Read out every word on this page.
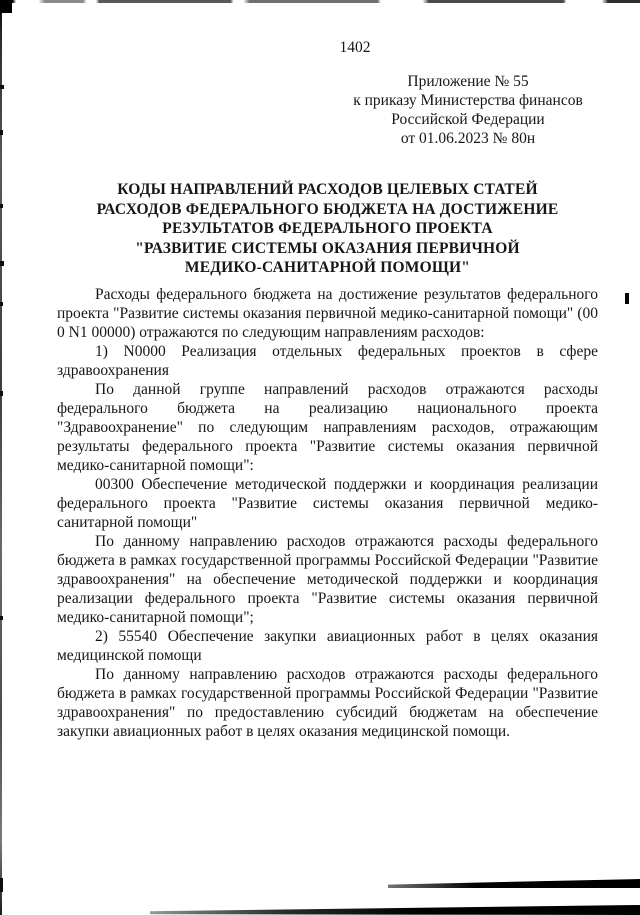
1402
Приложение № 55
к приказу Министерства финансов
Российской Федерации
от 01.06.2023 № 80н
КОДЫ НАПРАВЛЕНИЙ РАСХОДОВ ЦЕЛЕВЫХ СТАТЕЙ
РАСХОДОВ ФЕДЕРАЛЬНОГО БЮДЖЕТА НА ДОСТИЖЕНИЕ
РЕЗУЛЬТАТОВ ФЕДЕРАЛЬНОГО ПРОЕКТА
"РАЗВИТИЕ СИСТЕМЫ ОКАЗАНИЯ ПЕРВИЧНОЙ
МЕДИКО-САНИТАРНОЙ ПОМОЩИ"

Расходы федерального бюджета на достижение результатов федерального проекта "Развитие системы оказания первичной медико-санитарной помощи" (00 0 N1 00000) отражаются по следующим направлениям расходов:

1) N0000 Реализация отдельных федеральных проектов в сфере здравоохранения

По данной группе направлений расходов отражаются расходы федерального бюджета на реализацию национального проекта "Здравоохранение" по следующим направлениям расходов, отражающим результаты федерального проекта "Развитие системы оказания первичной медико-санитарной помощи":

00300 Обеспечение методической поддержки и координация реализации федерального проекта "Развитие системы оказания первичной медико-санитарной помощи"

По данному направлению расходов отражаются расходы федерального бюджета в рамках государственной программы Российской Федерации "Развитие здравоохранения" на обеспечение методической поддержки и координация реализации федерального проекта "Развитие системы оказания первичной медико-санитарной помощи";

2) 55540 Обеспечение закупки авиационных работ в целях оказания медицинской помощи

По данному направлению расходов отражаются расходы федерального бюджета в рамках государственной программы Российской Федерации "Развитие здравоохранения" по предоставлению субсидий бюджетам на обеспечение закупки авиационных работ в целях оказания медицинской помощи.
